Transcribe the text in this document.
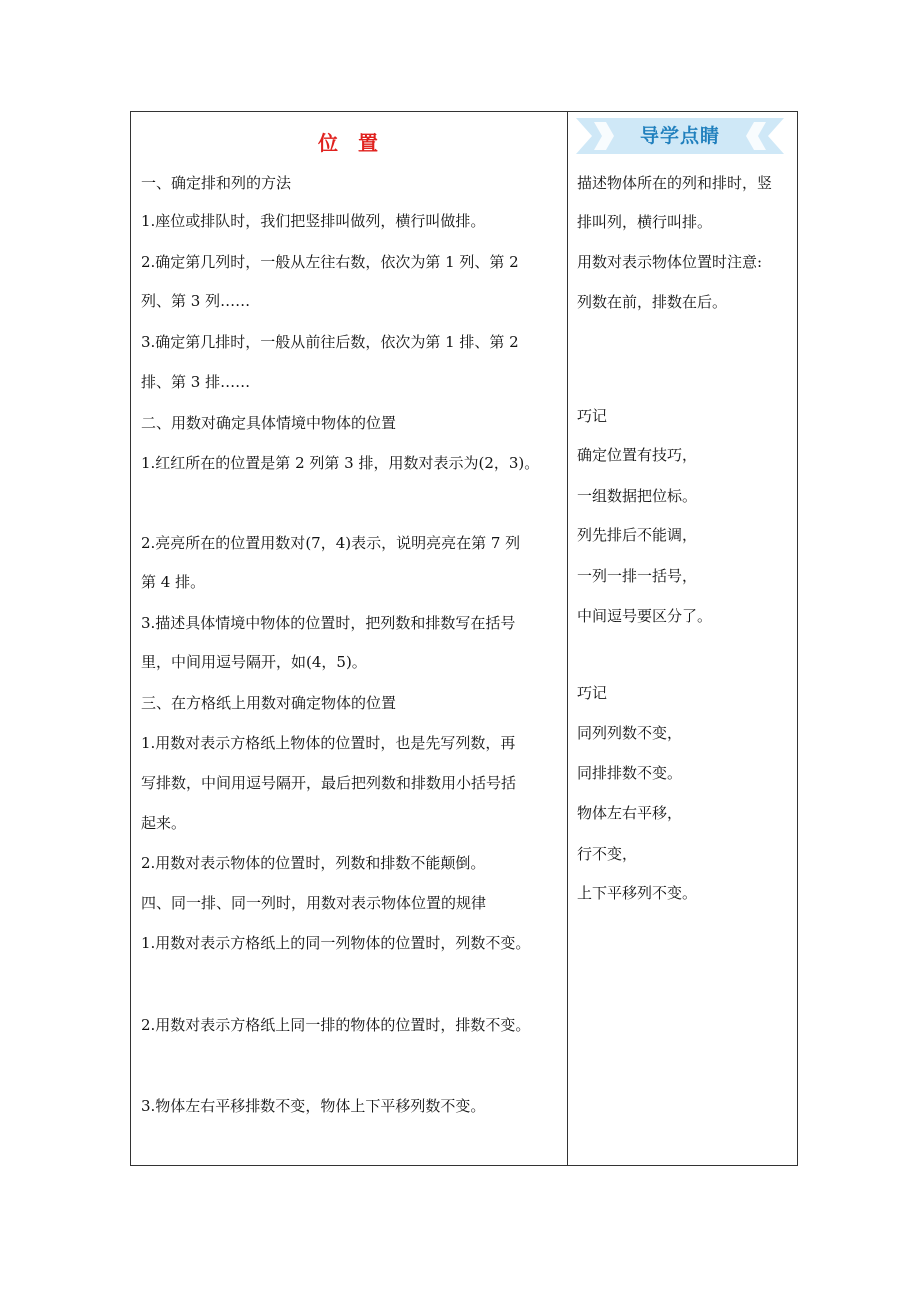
位 置
一、确定排和列的方法
1.座位或排队时，我们把竖排叫做列，横行叫做排。
2.确定第几列时，一般从左往右数，依次为第 1 列、第 2
列、第 3 列……
3.确定第几排时，一般从前往后数，依次为第 1 排、第 2
排、第 3 排……
二、用数对确定具体情境中物体的位置
1.红红所在的位置是第 2 列第 3 排，用数对表示为(2，3)。
2.亮亮所在的位置用数对(7，4)表示，说明亮亮在第 7 列
第 4 排。
3.描述具体情境中物体的位置时，把列数和排数写在括号
里，中间用逗号隔开，如(4，5)。
三、在方格纸上用数对确定物体的位置
1.用数对表示方格纸上物体的位置时，也是先写列数，再
写排数，中间用逗号隔开，最后把列数和排数用小括号括
起来。
2.用数对表示物体的位置时，列数和排数不能颠倒。
四、同一排、同一列时，用数对表示物体位置的规律
1.用数对表示方格纸上的同一列物体的位置时，列数不变。
2.用数对表示方格纸上同一排的物体的位置时，排数不变。
3.物体左右平移排数不变，物体上下平移列数不变。
导学点睛
描述物体所在的列和排时，竖
排叫列，横行叫排。
用数对表示物体位置时注意:
列数在前，排数在后。
巧记
确定位置有技巧，
一组数据把位标。
列先排后不能调，
一列一排一括号，
中间逗号要区分了。
巧记
同列列数不变，
同排排数不变。
物体左右平移，
行不变，
上下平移列不变。
